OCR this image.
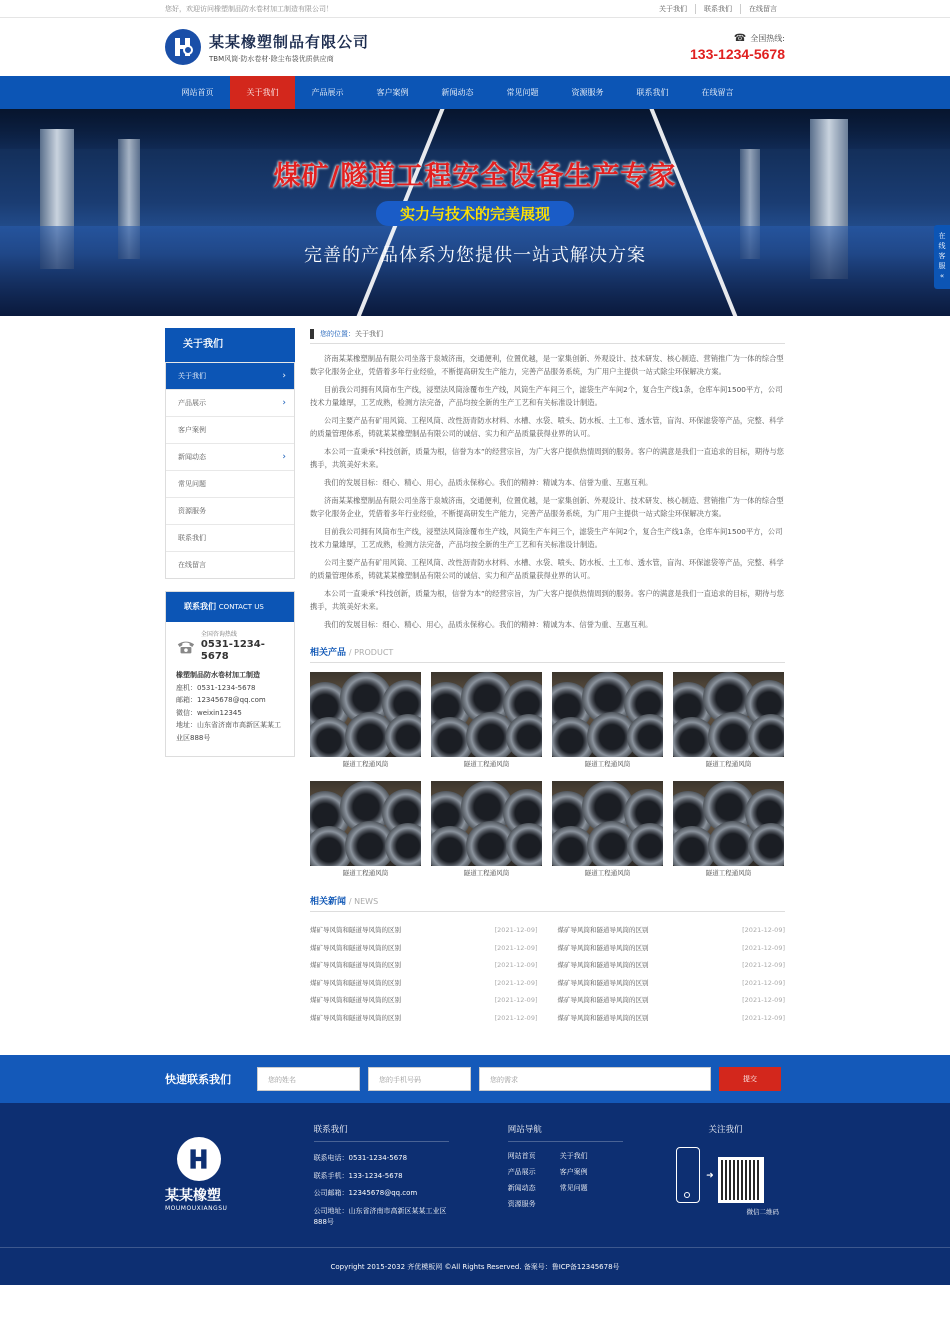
您好，欢迎访问橡塑制品防水卷材加工制造有限公司！	关于我们	联系我们	在线留言
某某橡塑制品有限公司
TBM风筒·防水卷材·除尘布袋优质供应商
☎ 全国热线:
133-1234-5678
网站首页	关于我们	产品展示	客户案例	新闻动态	常见问题	资源服务	联系我们	在线留言
煤矿/隧道工程安全设备生产专家
实力与技术的完美展现
完善的产品体系为您提供一站式解决方案
在线客服
«
关于我们
关于我们	›
产品展示	›
客户案例
新闻动态	›
常见问题
资源服务
联系我们
在线留言
联系我们 CONTACT US
全国咨询热线
0531-1234-5678
橡塑制品防水卷材加工制造
座机：0531-1234-5678
邮箱：12345678@qq.com
微信：weixin12345
地址：山东省济南市高新区某某工业区888号
您的位置： 关于我们

济南某某橡塑制品有限公司坐落于泉城济南，交通便利，位置优越，是一家集创新、外观设计、技术研发、核心制造、营销推广为一体的综合型数字化服务企业，凭借着多年行业经验，不断提高研发生产能力，完善产品服务系统，为广用户主提供一站式除尘环保解决方案。

目前我公司拥有风筒布生产线，浸塑法风筒涂覆布生产线，风筒生产车间三个，滤袋生产车间2个，复合生产线1条，仓库车间1500平方，公司技术力量雄厚，工艺成熟，检测方法完备，产品均按全新的生产工艺和有关标准设计制造。

公司主要产品有矿用风筒、工程风筒、改性沥青防水材料、水槽、水袋、喷头、防水板、土工布、透水管，盲沟、环保滤袋等产品，完整、科学的质量管理体系，铸就某某橡塑制品有限公司的诚信、实力和产品质量获得业界的认可。

本公司一直秉承“科技创新，质量为根，信誉为本”的经营宗旨，为广大客户提供热情周到的服务。客户的满意是我们一直追求的目标，期待与您携手，共筑美好未来。

我们的发展目标：细心、精心、用心，品质永保称心。我们的精神：精诚为本、信誉为重、互惠互利。

济南某某橡塑制品有限公司坐落于泉城济南，交通便利，位置优越，是一家集创新、外观设计、技术研发、核心制造、营销推广为一体的综合型数字化服务企业，凭借着多年行业经验，不断提高研发生产能力，完善产品服务系统，为广用户主提供一站式除尘环保解决方案。

目前我公司拥有风筒布生产线，浸塑法风筒涂覆布生产线，风筒生产车间三个，滤袋生产车间2个，复合生产线1条，仓库车间1500平方，公司技术力量雄厚，工艺成熟，检测方法完备，产品均按全新的生产工艺和有关标准设计制造。

公司主要产品有矿用风筒、工程风筒、改性沥青防水材料、水槽、水袋、喷头、防水板、土工布、透水管，盲沟、环保滤袋等产品，完整、科学的质量管理体系，铸就某某橡塑制品有限公司的诚信、实力和产品质量获得业界的认可。

本公司一直秉承“科技创新，质量为根，信誉为本”的经营宗旨，为广大客户提供热情周到的服务。客户的满意是我们一直追求的目标，期待与您携手，共筑美好未来。

我们的发展目标：细心、精心、用心，品质永保称心。我们的精神：精诚为本、信誉为重、互惠互利。

相关产品 / PRODUCT
隧道工程通风筒	隧道工程通风筒	隧道工程通风筒	隧道工程通风筒
隧道工程通风筒	隧道工程通风筒	隧道工程通风筒	隧道工程通风筒
相关新闻 / NEWS
煤矿导风筒和隧道导风筒的区别	[2021-12-09]	煤矿导风筒和隧道导风筒的区别	[2021-12-09]
煤矿导风筒和隧道导风筒的区别	[2021-12-09]	煤矿导风筒和隧道导风筒的区别	[2021-12-09]
煤矿导风筒和隧道导风筒的区别	[2021-12-09]	煤矿导风筒和隧道导风筒的区别	[2021-12-09]
煤矿导风筒和隧道导风筒的区别	[2021-12-09]	煤矿导风筒和隧道导风筒的区别	[2021-12-09]
煤矿导风筒和隧道导风筒的区别	[2021-12-09]	煤矿导风筒和隧道导风筒的区别	[2021-12-09]
煤矿导风筒和隧道导风筒的区别	[2021-12-09]	煤矿导风筒和隧道导风筒的区别	[2021-12-09]
快速联系我们	您的姓名	您的手机号码	您的需求	提交
某某橡塑
MOUMOUXIANGSU
联系我们
联系电话：0531-1234-5678
联系手机：133-1234-5678
公司邮箱：12345678@qq.com
公司地址：山东省济南市高新区某某工业区888号
网站导航
网站首页	关于我们
产品展示	客户案例
新闻动态	常见问题
资源服务
关注我们
➜
微信二维码
Copyright 2015-2032 齐优模板网 ©All Rights Reserved. 备案号：鲁ICP备12345678号
